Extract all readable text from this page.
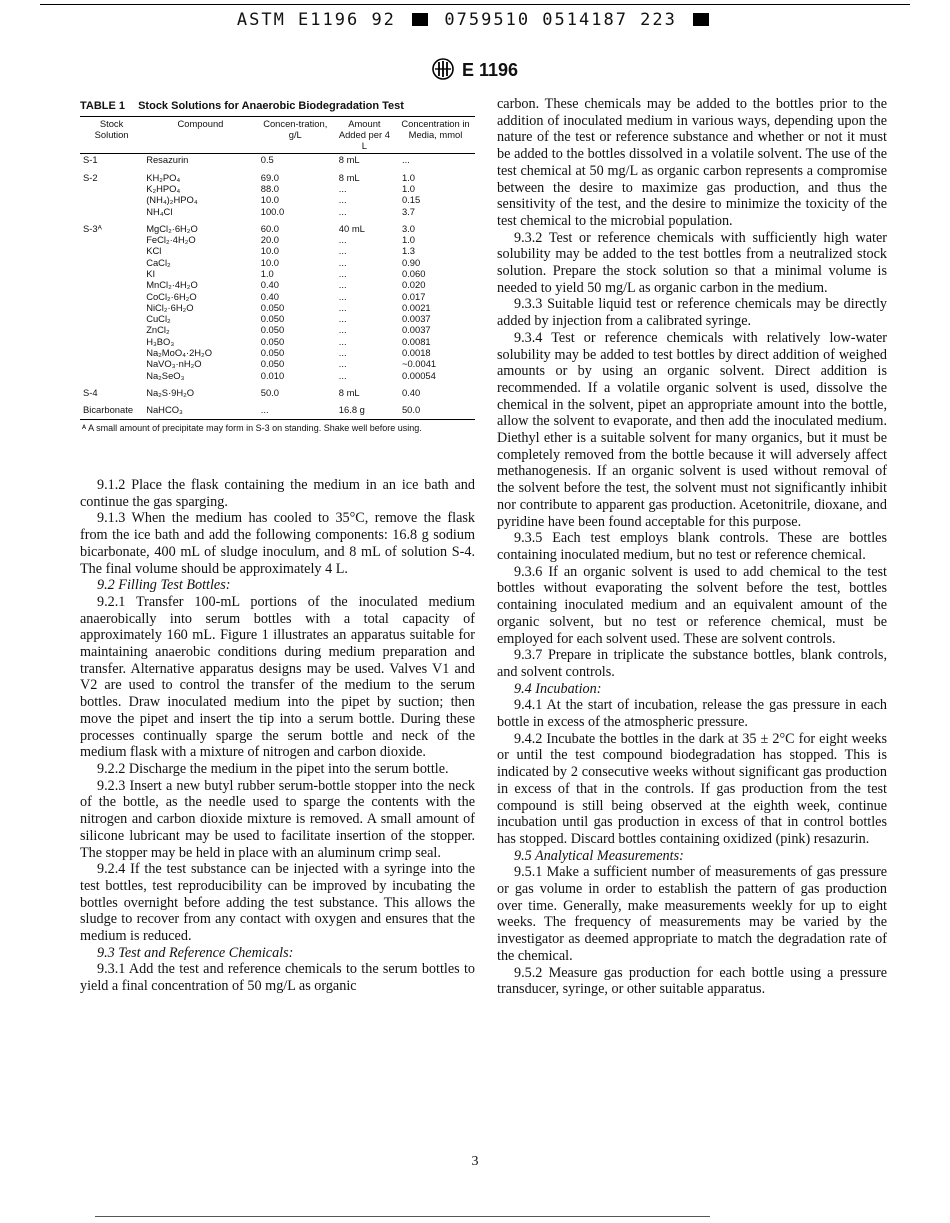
ASTM E1196 92	0759510 0514187 223
E 1196
TABLE 1 Stock Solutions for Anaerobic Biodegradation Test
Stock Solution	Compound	Concen-tration, g/L	Amount Added per 4 L	Concentration in Media, mmol
S-1	Resazurin	0.5	8 mL	...
S-2	KH₂PO₄	69.0	8 mL	1.0
	K₂HPO₄	88.0	...	1.0
	(NH₄)₂HPO₄	10.0	...	0.15
	NH₄Cl	100.0	...	3.7
S-3ᴬ	MgCl₂·6H₂O	60.0	40 mL	3.0
	FeCl₂·4H₂O	20.0	...	1.0
	KCl	10.0	...	1.3
	CaCl₂	10.0	...	0.90
	KI	1.0	...	0.060
	MnCl₂·4H₂O	0.40	...	0.020
	CoCl₂·6H₂O	0.40	...	0.017
	NiCl₂·6H₂O	0.050	...	0.0021
	CuCl₂	0.050	...	0.0037
	ZnCl₂	0.050	...	0.0037
	H₃BO₃	0.050	...	0.0081
	Na₂MoO₄·2H₂O	0.050	...	0.0018
	NaVO₃·nH₂O	0.050	...	~0.0041
	Na₂SeO₃	0.010	...	0.00054
S-4	Na₂S·9H₂O	50.0	8 mL	0.40
Bicarbonate	NaHCO₃	...	16.8 g	50.0
ᴬ A small amount of precipitate may form in S-3 on standing. Shake well before using.

9.1.2 Place the flask containing the medium in an ice bath and continue the gas sparging.

9.1.3 When the medium has cooled to 35°C, remove the flask from the ice bath and add the following components: 16.8 g sodium bicarbonate, 400 mL of sludge inoculum, and 8 mL of solution S-4. The final volume should be approximately 4 L.

9.2 Filling Test Bottles:

9.2.1 Transfer 100-mL portions of the inoculated medium anaerobically into serum bottles with a total capacity of approximately 160 mL. Figure 1 illustrates an apparatus suitable for maintaining anaerobic conditions during medium preparation and transfer. Alternative apparatus designs may be used. Valves V1 and V2 are used to control the transfer of the medium to the serum bottles. Draw inoculated medium into the pipet by suction; then move the pipet and insert the tip into a serum bottle. During these processes continually sparge the serum bottle and neck of the medium flask with a mixture of nitrogen and carbon dioxide.

9.2.2 Discharge the medium in the pipet into the serum bottle.

9.2.3 Insert a new butyl rubber serum-bottle stopper into the neck of the bottle, as the needle used to sparge the contents with the nitrogen and carbon dioxide mixture is removed. A small amount of silicone lubricant may be used to facilitate insertion of the stopper. The stopper may be held in place with an aluminum crimp seal.

9.2.4 If the test substance can be injected with a syringe into the test bottles, test reproducibility can be improved by incubating the bottles overnight before adding the test substance. This allows the sludge to recover from any contact with oxygen and ensures that the medium is reduced.

9.3 Test and Reference Chemicals:

9.3.1 Add the test and reference chemicals to the serum bottles to yield a final concentration of 50 mg/L as organic

carbon. These chemicals may be added to the bottles prior to the addition of inoculated medium in various ways, depending upon the nature of the test or reference substance and whether or not it must be added to the bottles dissolved in a volatile solvent. The use of the test chemical at 50 mg/L as organic carbon represents a compromise between the desire to maximize gas production, and thus the sensitivity of the test, and the desire to minimize the toxicity of the test chemical to the microbial population.

9.3.2 Test or reference chemicals with sufficiently high water solubility may be added to the test bottles from a neutralized stock solution. Prepare the stock solution so that a minimal volume is needed to yield 50 mg/L as organic carbon in the medium.

9.3.3 Suitable liquid test or reference chemicals may be directly added by injection from a calibrated syringe.

9.3.4 Test or reference chemicals with relatively low-water solubility may be added to test bottles by direct addition of weighed amounts or by using an organic solvent. Direct addition is recommended. If a volatile organic solvent is used, dissolve the chemical in the solvent, pipet an appropriate amount into the bottle, allow the solvent to evaporate, and then add the inoculated medium. Diethyl ether is a suitable solvent for many organics, but it must be completely removed from the bottle because it will adversely affect methanogenesis. If an organic solvent is used without removal of the solvent before the test, the solvent must not significantly inhibit nor contribute to apparent gas production. Acetonitrile, dioxane, and pyridine have been found acceptable for this purpose.

9.3.5 Each test employs blank controls. These are bottles containing inoculated medium, but no test or reference chemical.

9.3.6 If an organic solvent is used to add chemical to the test bottles without evaporating the solvent before the test, bottles containing inoculated medium and an equivalent amount of the organic solvent, but no test or reference chemical, must be employed for each solvent used. These are solvent controls.

9.3.7 Prepare in triplicate the substance bottles, blank controls, and solvent controls.

9.4 Incubation:

9.4.1 At the start of incubation, release the gas pressure in each bottle in excess of the atmospheric pressure.

9.4.2 Incubate the bottles in the dark at 35 ± 2°C for eight weeks or until the test compound biodegradation has stopped. This is indicated by 2 consecutive weeks without significant gas production in excess of that in the controls. If gas production from the test compound is still being observed at the eighth week, continue incubation until gas production in excess of that in control bottles has stopped. Discard bottles containing oxidized (pink) resazurin.

9.5 Analytical Measurements:

9.5.1 Make a sufficient number of measurements of gas pressure or gas volume in order to establish the pattern of gas production over time. Generally, make measurements weekly for up to eight weeks. The frequency of measurements may be varied by the investigator as deemed appropriate to match the degradation rate of the chemical.

9.5.2 Measure gas production for each bottle using a pressure transducer, syringe, or other suitable apparatus.

3
